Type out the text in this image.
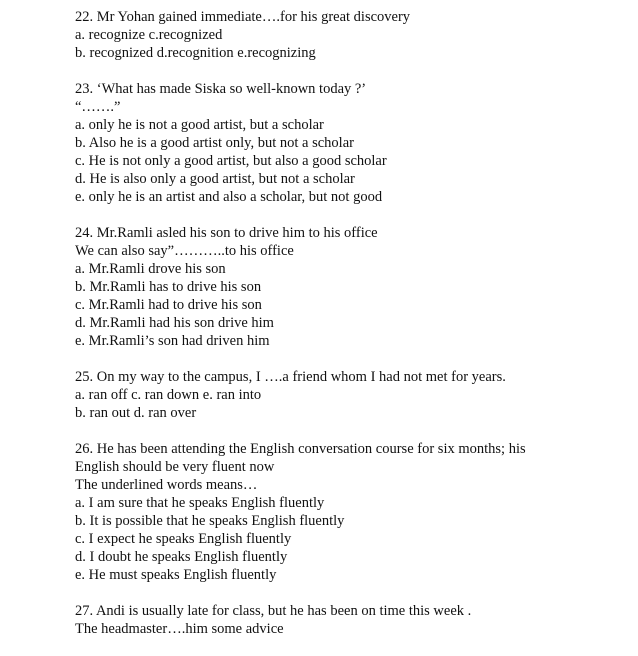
22. Mr Yohan gained immediate….for his great discovery
a. recognize c.recognized
b. recognized d.recognition e.recognizing
23. ‘What has made Siska so well-known today ?’
“…….”
a. only he is not a good artist, but a scholar
b. Also he is a good artist only, but not a scholar
c. He is not only a good artist, but also a good scholar
d. He is also only a good artist, but not a scholar
e. only he is an artist and also a scholar, but not good
24. Mr.Ramli asled his son to drive him to his office
We can also say”………..to his office
a. Mr.Ramli drove his son
b. Mr.Ramli has to drive his son
c. Mr.Ramli had to drive his son
d. Mr.Ramli had his son drive him
e. Mr.Ramli’s son had driven him
25. On my way to the campus, I ….a friend whom I had not met for years.
a. ran off c. ran down e. ran into
b. ran out d. ran over
26. He has been attending the English conversation course for six months; his
English should be very fluent now
The underlined words means…
a. I am sure that he speaks English fluently
b. It is possible that he speaks English fluently
c. I expect he speaks English fluently
d. I doubt he speaks English fluently
e. He must speaks English fluently
27. Andi is usually late for class, but he has been on time this week .
The headmaster….him some advice
